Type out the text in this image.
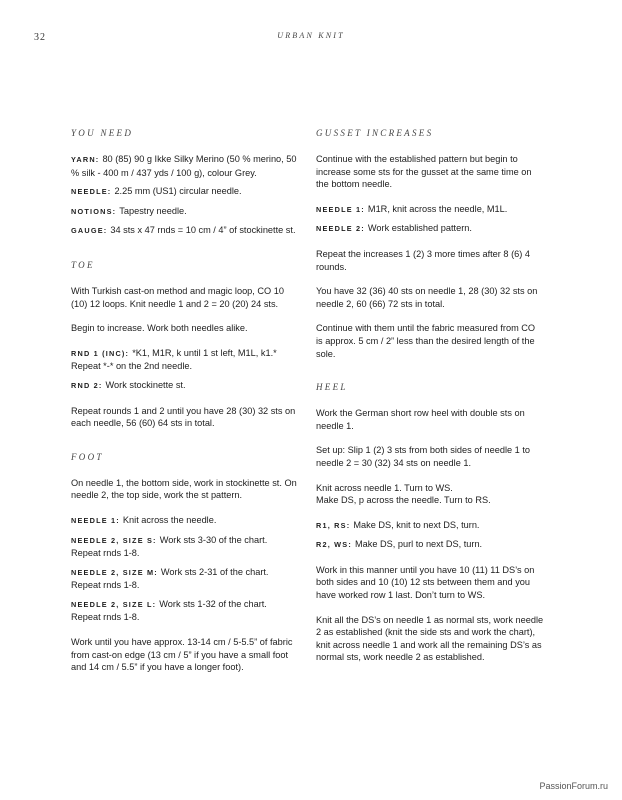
32	URBAN KNIT
YOU NEED

YARN: 80 (85) 90 g Ikke Silky Merino (50 % merino, 50 % silk - 400 m / 437 yds / 100 g), colour Grey.

NEEDLE: 2.25 mm (US1) circular needle.

NOTIONS: Tapestry needle.

GAUGE: 34 sts x 47 rnds = 10 cm / 4” of stockinette st.

TOE

With Turkish cast-on method and magic loop, CO 10 (10) 12 loops. Knit needle 1 and 2 = 20 (20) 24 sts.

Begin to increase. Work both needles alike.

RND 1 (INC): *K1, M1R, k until 1 st left, M1L, k1.* Repeat *-* on the 2nd needle.

RND 2: Work stockinette st.

Repeat rounds 1 and 2 until you have 28 (30) 32 sts on each needle, 56 (60) 64 sts in total.

FOOT

On needle 1, the bottom side, work in stockinette st. On needle 2, the top side, work the st pattern.

NEEDLE 1: Knit across the needle.

NEEDLE 2, SIZE S: Work sts 3-30 of the chart. Repeat rnds 1-8.

NEEDLE 2, SIZE M: Work sts 2-31 of the chart. Repeat rnds 1-8.

NEEDLE 2, SIZE L: Work sts 1-32 of the chart. Repeat rnds 1-8.

Work until you have approx. 13-14 cm / 5-5.5” of fabric from cast-on edge (13 cm / 5” if you have a small foot and 14 cm / 5.5” if you have a longer foot).

GUSSET INCREASES

Continue with the established pattern but begin to increase some sts for the gusset at the same time on the bottom needle.

NEEDLE 1: M1R, knit across the needle, M1L.

NEEDLE 2: Work established pattern.

Repeat the increases 1 (2) 3 more times after 8 (6) 4 rounds.

You have 32 (36) 40 sts on needle 1, 28 (30) 32 sts on needle 2, 60 (66) 72 sts in total.

Continue with them until the fabric measured from CO is approx. 5 cm / 2” less than the desired length of the sole.

HEEL

Work the German short row heel with double sts on needle 1.

Set up: Slip 1 (2) 3 sts from both sides of needle 1 to needle 2 = 30 (32) 34 sts on needle 1.

Knit across needle 1. Turn to WS.

Make DS, p across the needle. Turn to RS.

R1, RS: Make DS, knit to next DS, turn.

R2, WS: Make DS, purl to next DS, turn.

Work in this manner until you have 10 (11) 11 DS’s on both sides and 10 (10) 12 sts between them and you have worked row 1 last. Don’t turn to WS.

Knit all the DS’s on needle 1 as normal sts, work needle 2 as established (knit the side sts and work the chart), knit across needle 1 and work all the remaining DS’s as normal sts, work needle 2 as established.

PassionForum.ru
